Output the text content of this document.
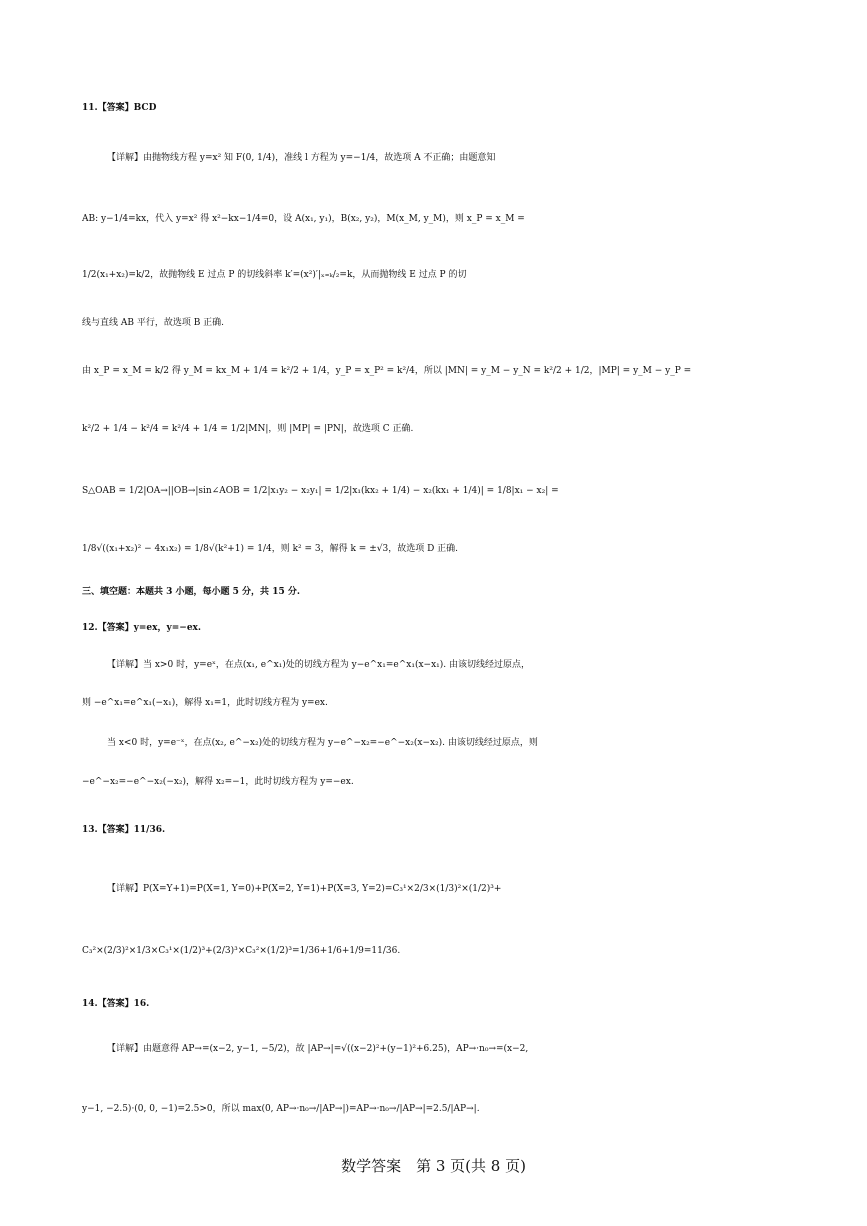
11.【答案】BCD
【详解】由抛物线方程 y=x² 知 F(0, 1/4)，准线 l 方程为 y=−1/4，故选项 A 不正确；由题意知
AB: y−1/4=kx，代入 y=x² 得 x²−kx−1/4=0，设 A(x₁, y₁)，B(x₂, y₂)，M(x_M, y_M)，则 x_P = x_M =
1/2(x₁+x₂)=k/2，故抛物线 E 过点 P 的切线斜率 k′=(x²)′|ₓ₌ₖ/₂=k，从而抛物线 E 过点 P 的切
线与直线 AB 平行，故选项 B 正确.
由 x_P = x_M = k/2 得 y_M = kx_M + 1/4 = k²/2 + 1/4，y_P = x_P² = k²/4，所以 |MN| = y_M − y_N = k²/2 + 1/2，|MP| = y_M − y_P =
k²/2 + 1/4 − k²/4 = k²/4 + 1/4 = 1/2|MN|，则 |MP| = |PN|，故选项 C 正确.
S△OAB = 1/2|OA→||OB→|sin∠AOB = 1/2|x₁y₂ − x₂y₁| = 1/2|x₁(kx₂ + 1/4) − x₂(kx₁ + 1/4)| = 1/8|x₁ − x₂| =
1/8√((x₁+x₂)² − 4x₁x₂) = 1/8√(k²+1) = 1/4，则 k² = 3，解得 k = ±√3，故选项 D 正确.
三、填空题：本题共 3 小题，每小题 5 分，共 15 分.
12.【答案】y=ex，y=−ex.
【详解】当 x>0 时，y=eˣ，在点(x₁, e^x₁)处的切线方程为 y−e^x₁=e^x₁(x−x₁). 由该切线经过原点，
则 −e^x₁=e^x₁(−x₁)，解得 x₁=1，此时切线方程为 y=ex.
当 x<0 时，y=e⁻ˣ，在点(x₂, e^−x₂)处的切线方程为 y−e^−x₂=−e^−x₂(x−x₂). 由该切线经过原点，则
−e^−x₂=−e^−x₂(−x₂)，解得 x₂=−1，此时切线方程为 y=−ex.
13.【答案】11/36.
【详解】P(X=Y+1)=P(X=1, Y=0)+P(X=2, Y=1)+P(X=3, Y=2)=C₃¹×2/3×(1/3)²×(1/2)³+
C₃²×(2/3)²×1/3×C₃¹×(1/2)³+(2/3)³×C₃²×(1/2)³=1/36+1/6+1/9=11/36.
14.【答案】16.
【详解】由题意得 AP→=(x−2, y−1, −5/2)，故 |AP→|=√((x−2)²+(y−1)²+6.25)，AP→·n₀→=(x−2,
y−1, −2.5)·(0, 0, −1)=2.5>0，所以 max(0, AP→·n₀→/|AP→|)=AP→·n₀→/|AP→|=2.5/|AP→|.
数学答案　第 3 页(共 8 页)
